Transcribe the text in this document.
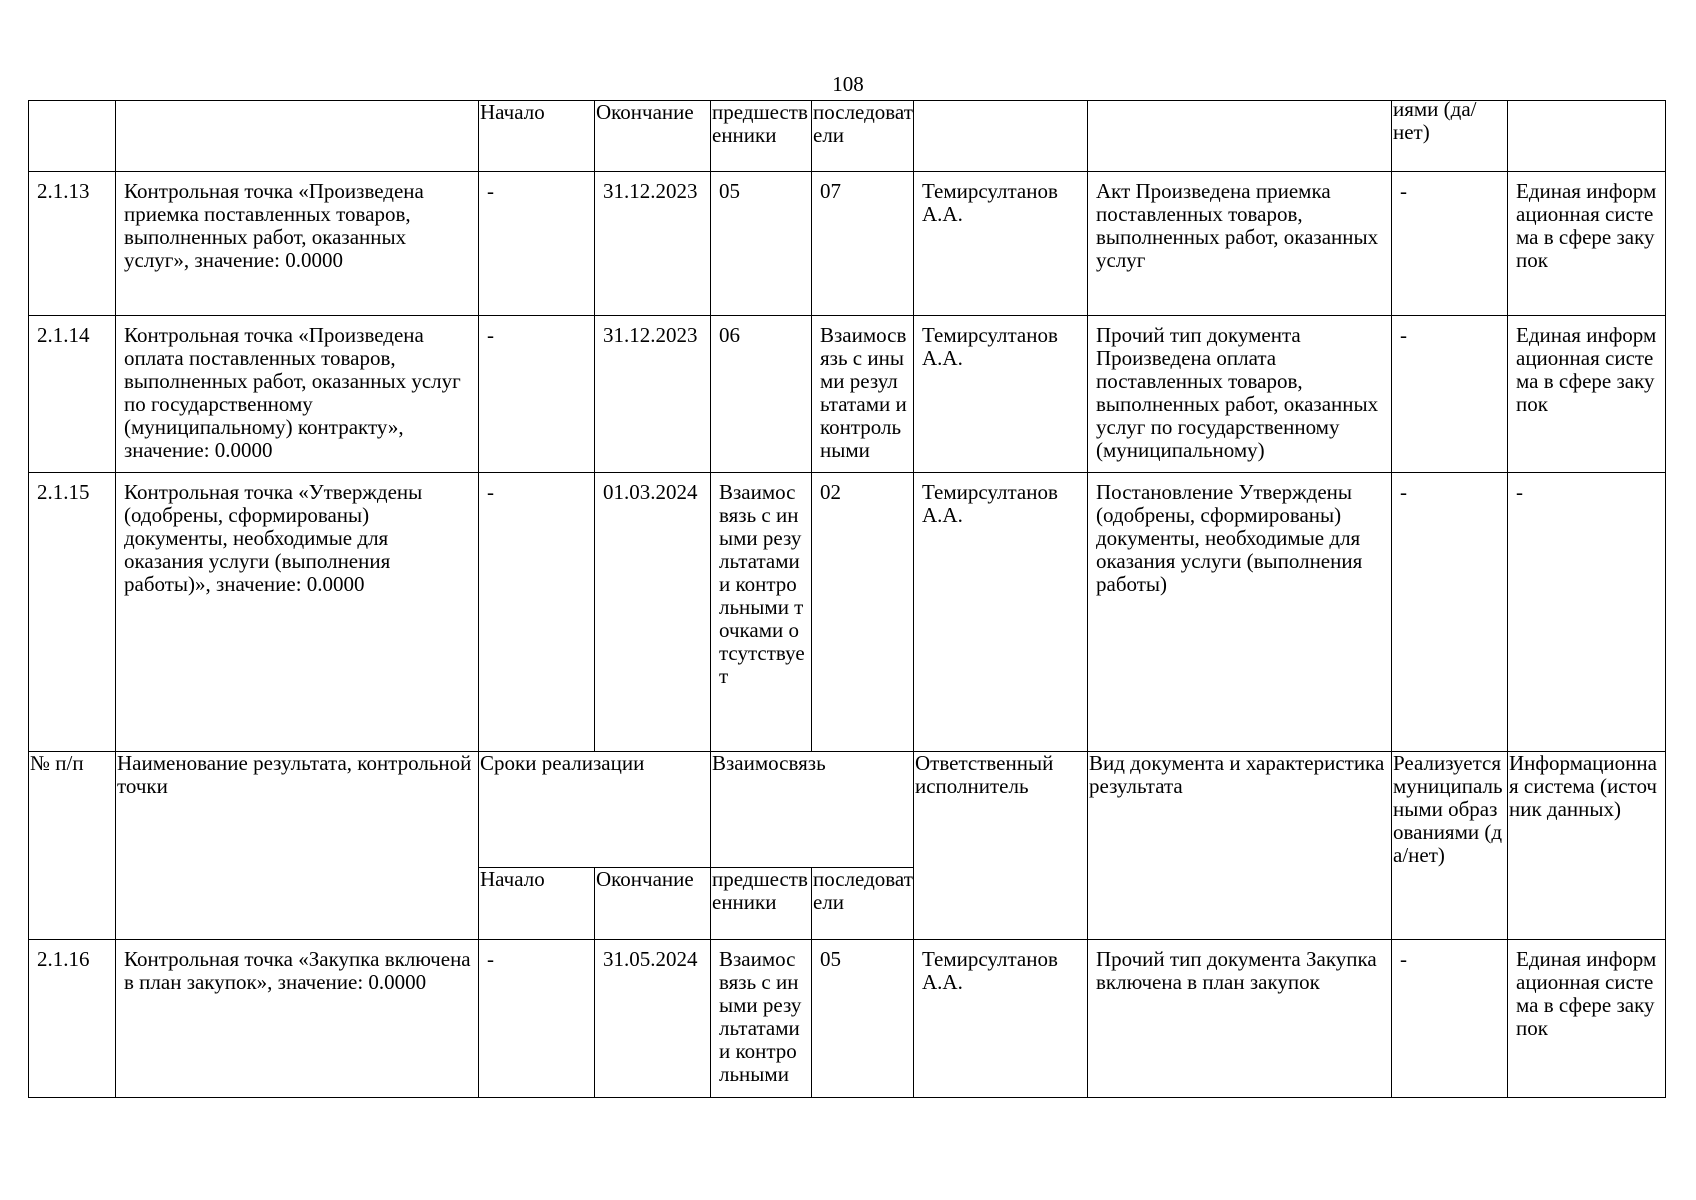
108

		Начало	Окончание	предшественники	последователи			иями (да/нет)	

2.1.13	Контрольная точка «Произведена приемка поставленных товаров, выполненных работ, оказанных услуг», значение: 0.0000	-	31.12.2023	05	07	Темирсултанов А.А.	Акт Произведена приемка поставленных товаров, выполненных работ, оказанных услуг	-	Единая информационная система в сфере закупок

2.1.14	Контрольная точка «Произведена оплата поставленных товаров, выполненных работ, оказанных услуг по государственному (муниципальному) контракту», значение: 0.0000	-	31.12.2023	06	Взаимосвязь с иными результатами и контрольными	Темирсултанов А.А.	Прочий тип документа Произведена оплата поставленных товаров, выполненных работ, оказанных услуг по государственному (муниципальному)	-	Единая информационная система в сфере закупок

2.1.15	Контрольная точка «Утверждены (одобрены, сформированы) документы, необходимые для оказания услуги (выполнения работы)», значение: 0.0000	-	01.03.2024	Взаимосвязь с иными результатами и контрольными точками отсутствует	02	Темирсултанов А.А.	Постановление Утверждены (одобрены, сформированы) документы, необходимые для оказания услуги (выполнения работы)	-	-

№ п/п	Наименование результата, контрольной точки	Сроки реализации		Взаимосвязь		Ответственный исполнитель	Вид документа и характеристика результата	Реализуется муниципальными образованиями (да/нет)	Информационная система (источник данных)

		Начало	Окончание	предшественники	последователи				

2.1.16	Контрольная точка «Закупка включена в план закупок», значение: 0.0000	-	31.05.2024	Взаимосвязь с иными результатами и контрольными	05	Темирсултанов А.А.	Прочий тип документа Закупка включена в план закупок	-	Единая информационная система в сфере закупок
